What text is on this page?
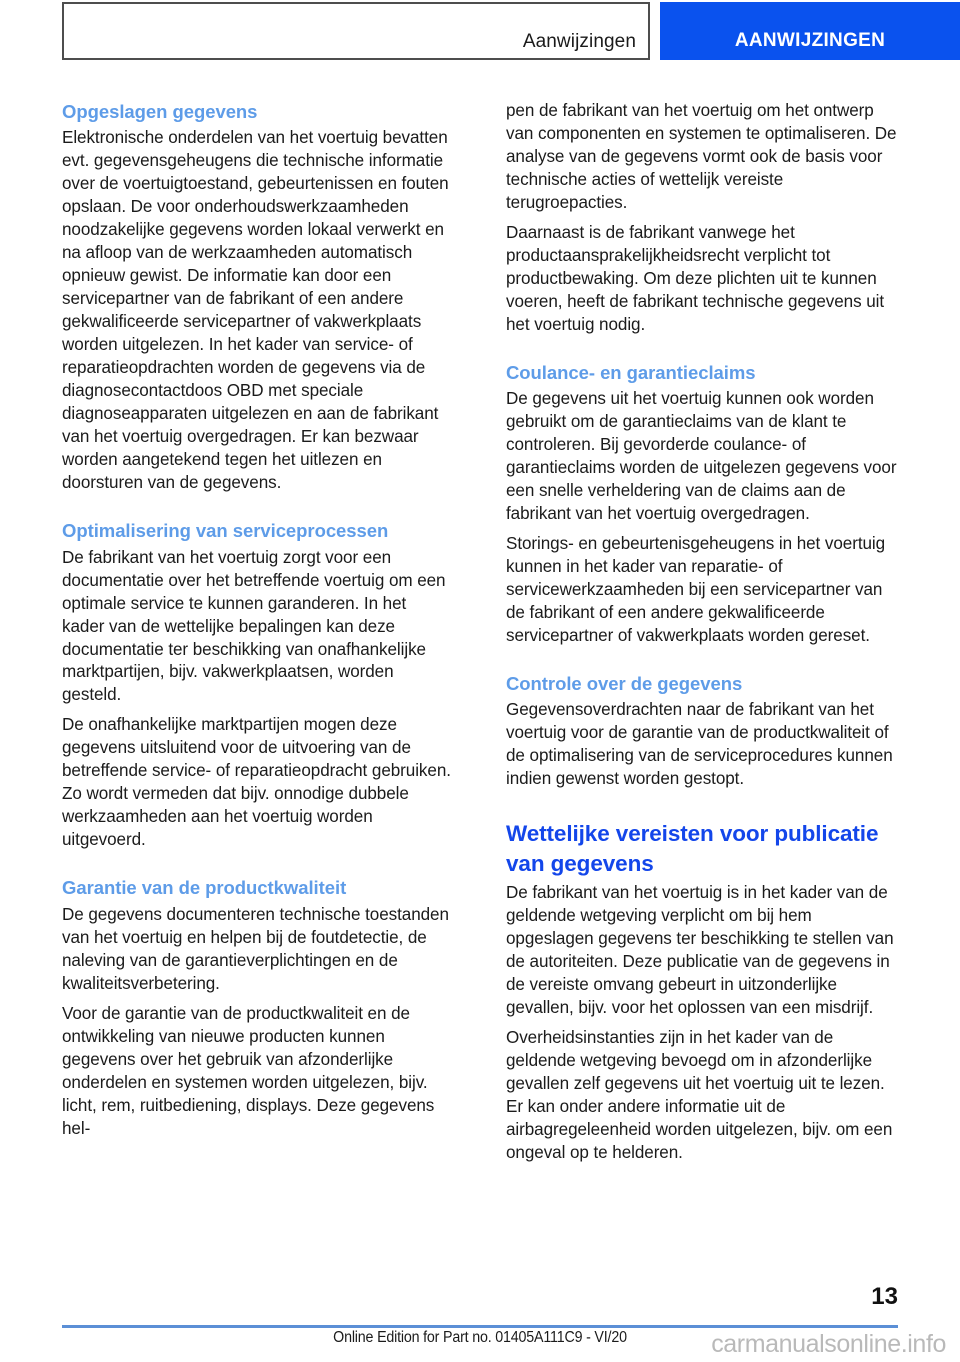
Aanwijzingen	AANWIJZINGEN
Opgeslagen gegevens

Elektronische onderdelen van het voertuig bevatten evt. gegevensgeheugens die technische informatie over de voertuigtoestand, gebeurtenissen en fouten opslaan. De voor onderhoudswerkzaamheden noodzakelijke gegevens worden lokaal verwerkt en na afloop van de werkzaamheden automatisch opnieuw gewist. De informatie kan door een servicepartner van de fabrikant of een andere gekwalificeerde servicepartner of vakwerkplaats worden uitgelezen. In het kader van service- of reparatieopdrachten worden de gegevens via de diagnosecontactdoos OBD met speciale diagnoseapparaten uitgelezen en aan de fabrikant van het voertuig overgedragen. Er kan bezwaar worden aangetekend tegen het uitlezen en doorsturen van de gegevens.

Optimalisering van serviceprocessen

De fabrikant van het voertuig zorgt voor een documentatie over het betreffende voertuig om een optimale service te kunnen garanderen. In het kader van de wettelijke bepalingen kan deze documentatie ter beschikking van onafhankelijke marktpartijen, bijv. vakwerkplaatsen, worden gesteld.

De onafhankelijke marktpartijen mogen deze gegevens uitsluitend voor de uitvoering van de betreffende service- of reparatieopdracht gebruiken. Zo wordt vermeden dat bijv. onnodige dubbele werkzaamheden aan het voertuig worden uitgevoerd.

Garantie van de productkwaliteit

De gegevens documenteren technische toestanden van het voertuig en helpen bij de foutdetectie, de naleving van de garantieverplichtingen en de kwaliteitsverbetering.

Voor de garantie van de productkwaliteit en de ontwikkeling van nieuwe producten kunnen gegevens over het gebruik van afzonderlijke onderdelen en systemen worden uitgelezen, bijv. licht, rem, ruitbediening, displays. Deze gegevens hel-

pen de fabrikant van het voertuig om het ontwerp van componenten en systemen te optimaliseren. De analyse van de gegevens vormt ook de basis voor technische acties of wettelijk vereiste terugroepacties.

Daarnaast is de fabrikant vanwege het productaansprakelijkheidsrecht verplicht tot productbewaking. Om deze plichten uit te kunnen voeren, heeft de fabrikant technische gegevens uit het voertuig nodig.

Coulance- en garantieclaims

De gegevens uit het voertuig kunnen ook worden gebruikt om de garantieclaims van de klant te controleren. Bij gevorderde coulance- of garantieclaims worden de uitgelezen gegevens voor een snelle verheldering van de claims aan de fabrikant van het voertuig overgedragen.

Storings- en gebeurtenisgeheugens in het voertuig kunnen in het kader van reparatie- of servicewerkzaamheden bij een servicepartner van de fabrikant of een andere gekwalificeerde servicepartner of vakwerkplaats worden gereset.

Controle over de gegevens

Gegevensoverdrachten naar de fabrikant van het voertuig voor de garantie van de productkwaliteit of de optimalisering van de serviceprocedures kunnen indien gewenst worden gestopt.

Wettelijke vereisten voor publicatie van gegevens

De fabrikant van het voertuig is in het kader van de geldende wetgeving verplicht om bij hem opgeslagen gegevens ter beschikking te stellen van de autoriteiten. Deze publicatie van de gegevens in de vereiste omvang gebeurt in uitzonderlijke gevallen, bijv. voor het oplossen van een misdrijf.

Overheidsinstanties zijn in het kader van de geldende wetgeving bevoegd om in afzonderlijke gevallen zelf gegevens uit het voertuig uit te lezen. Er kan onder andere informatie uit de airbagregeleenheid worden uitgelezen, bijv. om een ongeval op te helderen.

13
Online Edition for Part no. 01405A111C9 - VI/20	carmanualsonline.info
